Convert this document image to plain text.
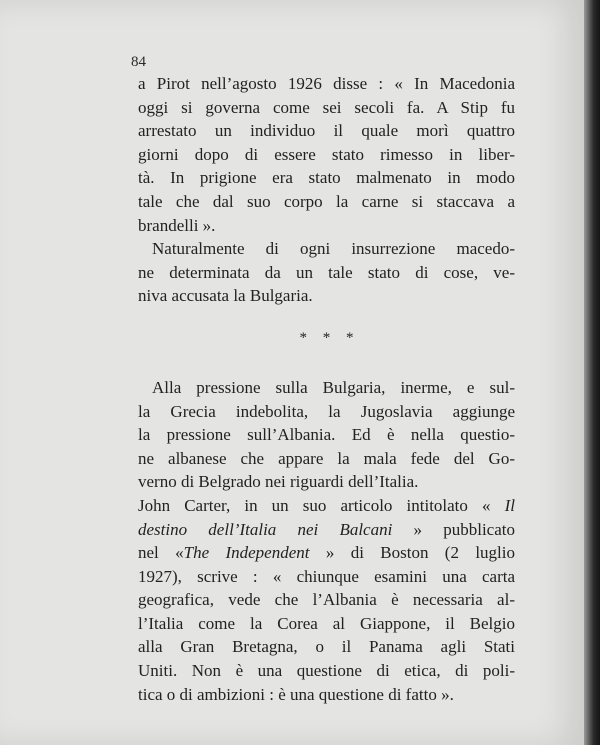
84
a Pirot nell’agosto 1926 disse : « In Macedonia
oggi si governa come sei secoli fa. A Stip fu
arrestato un individuo il quale morì quattro
giorni dopo di essere stato rimesso in liber-
tà. In prigione era stato malmenato in modo
tale che dal suo corpo la carne si staccava a
brandelli ».
Naturalmente di ogni insurrezione macedo-
ne determinata da un tale stato di cose, ve-
niva accusata la Bulgaria.
* * *
Alla pressione sulla Bulgaria, inerme, e sul-
la Grecia indebolita, la Jugoslavia aggiunge
la pressione sull’Albania. Ed è nella questio-
ne albanese che appare la mala fede del Go-
verno di Belgrado nei riguardi dell’Italia.
John Carter, in un suo articolo intitolato « Il
destino dell’Italia nei Balcani » pubblicato
nel «The Independent » di Boston (2 luglio
1927), scrive : « chiunque esamini una carta
geografica, vede che l’Albania è necessaria al-
l’Italia come la Corea al Giappone, il Belgio
alla Gran Bretagna, o il Panama agli Stati
Uniti. Non è una questione di etica, di poli-
tica o di ambizioni : è una questione di fatto ».
